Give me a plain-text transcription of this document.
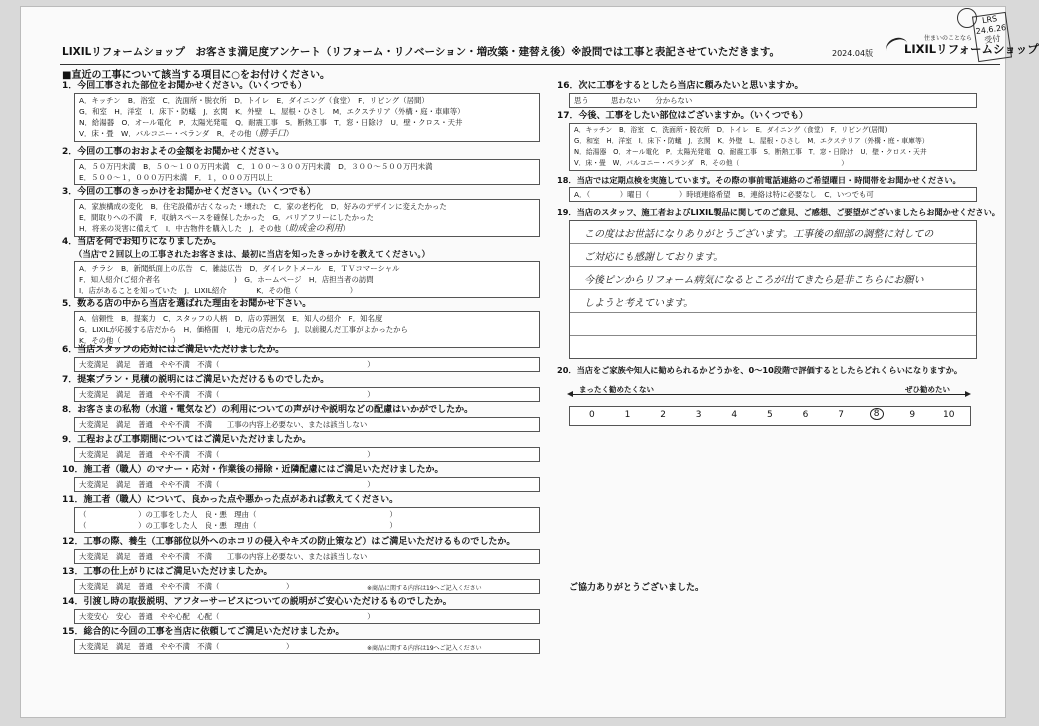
LRS
24.6.26
受付
LIXILリフォームショップ　お客さま満足度アンケート（リフォーム・リノベーション・増改築・建替え後）※設問では工事と表記させていただきます。	2024.04版
住まいのことなら
LIXILリフォームショップ
■直近の工事について該当する項目に○をお付けください。
1．今回工事された部位をお聞かせください。（いくつでも）
A．キッチン　B．浴室　C．洗面所・脱衣所　D．トイレ　E．ダイニング（食堂）　F．リビング（居間）
G．和室　H．洋室　I．床下・防蟻　J．玄関　K．外壁　L．屋根・ひさし　M．エクステリア（外構・庭・車庫等）
N．給湯器　O．オール電化　P．太陽光発電　Q．耐震工事　S．断熱工事　T．窓・日除け　U．壁・クロス・天井
V．床・畳　W．バルコニー・ベランダ　R．その他（勝手口）
2．今回の工事のおおよその金額をお聞かせください。
A．５０万円未満　B．５０～１００万円未満　C．１００～３００万円未満　D．３００～５００万円未満
E．５００～１，０００万円未満　F．１，０００万円以上
3．今回の工事のきっかけをお聞かせください。（いくつでも）
A．家族構成の変化　B．住宅設備が古くなった・壊れた　C．家の老朽化　D．好みのデザインに変えたかった
E．間取りへの不満　F．収納スペースを確保したかった　G．バリアフリーにしたかった
H．将来の災害に備えて　I．中古物件を購入した　J．その他（助成金の利用）
4．当店を何でお知りになりましたか。
（当店で２回以上の工事されたお客さまは、最初に当店を知ったきっかけを教えてください。）
A．チラシ　B．新聞紙面上の広告　C．雑誌広告　D．ダイレクトメール　E．ＴＶコマーシャル
F．知人紹介(ご紹介者名　　　　　　　　　　)　G．ホームページ　H．店担当者の訪問
I．店があることを知っていた　J．LIXIL紹介　　　　K．その他（　　　　　　　）
5．数ある店の中から当店を選ばれた理由をお聞かせ下さい。
A．信頼性　B．提案力　C．スタッフの人柄　D．店の雰囲気　E．知人の紹介　F．知名度
G．LIXILが応援する店だから　H．価格面　I．地元の店だから　J．以前親んだ工事がよかったから
K．その他（　　　　　　　）
6．当店スタッフの応対にはご満足いただけましたか。
大変満足　満足　普通　やや不満　不満（　　　　　　　　　　　　　　　　　　　　）
7．提案プラン・見積の説明にはご満足いただけるものでしたか。
大変満足　満足　普通　やや不満　不満（　　　　　　　　　　　　　　　　　　　　）
8．お客さまの私物（水道・電気など）の利用についての声がけや説明などの配慮はいかがでしたか。
大変満足　満足　普通　やや不満　不満　　工事の内容上必要ない、または該当しない
9．工程および工事期間についてはご満足いただけましたか。
大変満足　満足　普通　やや不満　不満（　　　　　　　　　　　　　　　　　　　　）
10．施工者（職人）のマナー・応対・作業後の掃除・近隣配慮にはご満足いただけましたか。
大変満足　満足　普通　やや不満　不満（　　　　　　　　　　　　　　　　　　　　）
11．施工者（職人）について、良かった点や悪かった点があれば教えてください。
（　　　　　　　）の工事をした人　良・悪　理由（　　　　　　　　　　　　　　　　　　）
（　　　　　　　）の工事をした人　良・悪　理由（　　　　　　　　　　　　　　　　　　）
12．工事の際、養生（工事部位以外へのホコリの侵入やキズの防止策など）はご満足いただけるものでしたか。
大変満足　満足　普通　やや不満　不満　　工事の内容上必要ない、または該当しない
13．工事の仕上がりにはご満足いただけましたか。
大変満足　満足　普通　やや不満　不満（　　　　　　　　　）	※商品に関する内容は19へご記入ください
14．引渡し時の取扱説明、アフターサービスについての説明がご安心いただけるものでしたか。
大変安心　安心　普通　やや心配　心配（　　　　　　　　　　　　　　　　　　　　）
15．総合的に今回の工事を当店に依頼してご満足いただけましたか。
大変満足　満足　普通　やや不満　不満（　　　　　　　　　）	※商品に関する内容は19へご記入ください
16．次に工事をするとしたら当店に頼みたいと思いますか。
思う　　　思わない　　分からない
17．今後、工事をしたい部位はございますか。（いくつでも）
A．キッチン　B．浴室　C．洗面所・脱衣所　D．トイレ　E．ダイニング（食堂）　F．リビング(居間)
G．和室　H．洋室　I．床下・防蟻　J．玄関　K．外壁　L．屋根・ひさし　M．エクステリア（外構・庭・車庫等）
N．給湯器　O．オール電化　P．太陽光発電　Q．耐震工事　S．断熱工事　T．窓・日除け　U．壁・クロス・天井
V．床・畳　W．バルコニー・ベランダ　R．その他（　　　　　　　　　　　　　　　）
18．当店では定期点検を実施しています。その際の事前電話連絡のご希望曜日・時間帯をお聞かせください。
A．（　　　　）曜日（　　　　）時頃連絡希望　B．連絡は特に必要なし　C．いつでも可
19．当店のスタッフ、施工者およびLIXIL製品に関してのご意見、ご感想、ご要望がございましたらお聞かせください。
この度はお世話になりありがとうございます。工事後の細部の調整に対しての
ご対応にも感謝しております。
今後ピンからリフォーム病気になるところが出てきたら是非こちらにお願い
しようと考えています。
20．当店をご家族や知人に勧められるかどうかを、0～10段階で評価するとしたらどれくらいになりますか。
まったく勧めたくない	ぜひ勧めたい
0	1	2	3	4	5	6	7	8	9	10
ご協力ありがとうございました。
